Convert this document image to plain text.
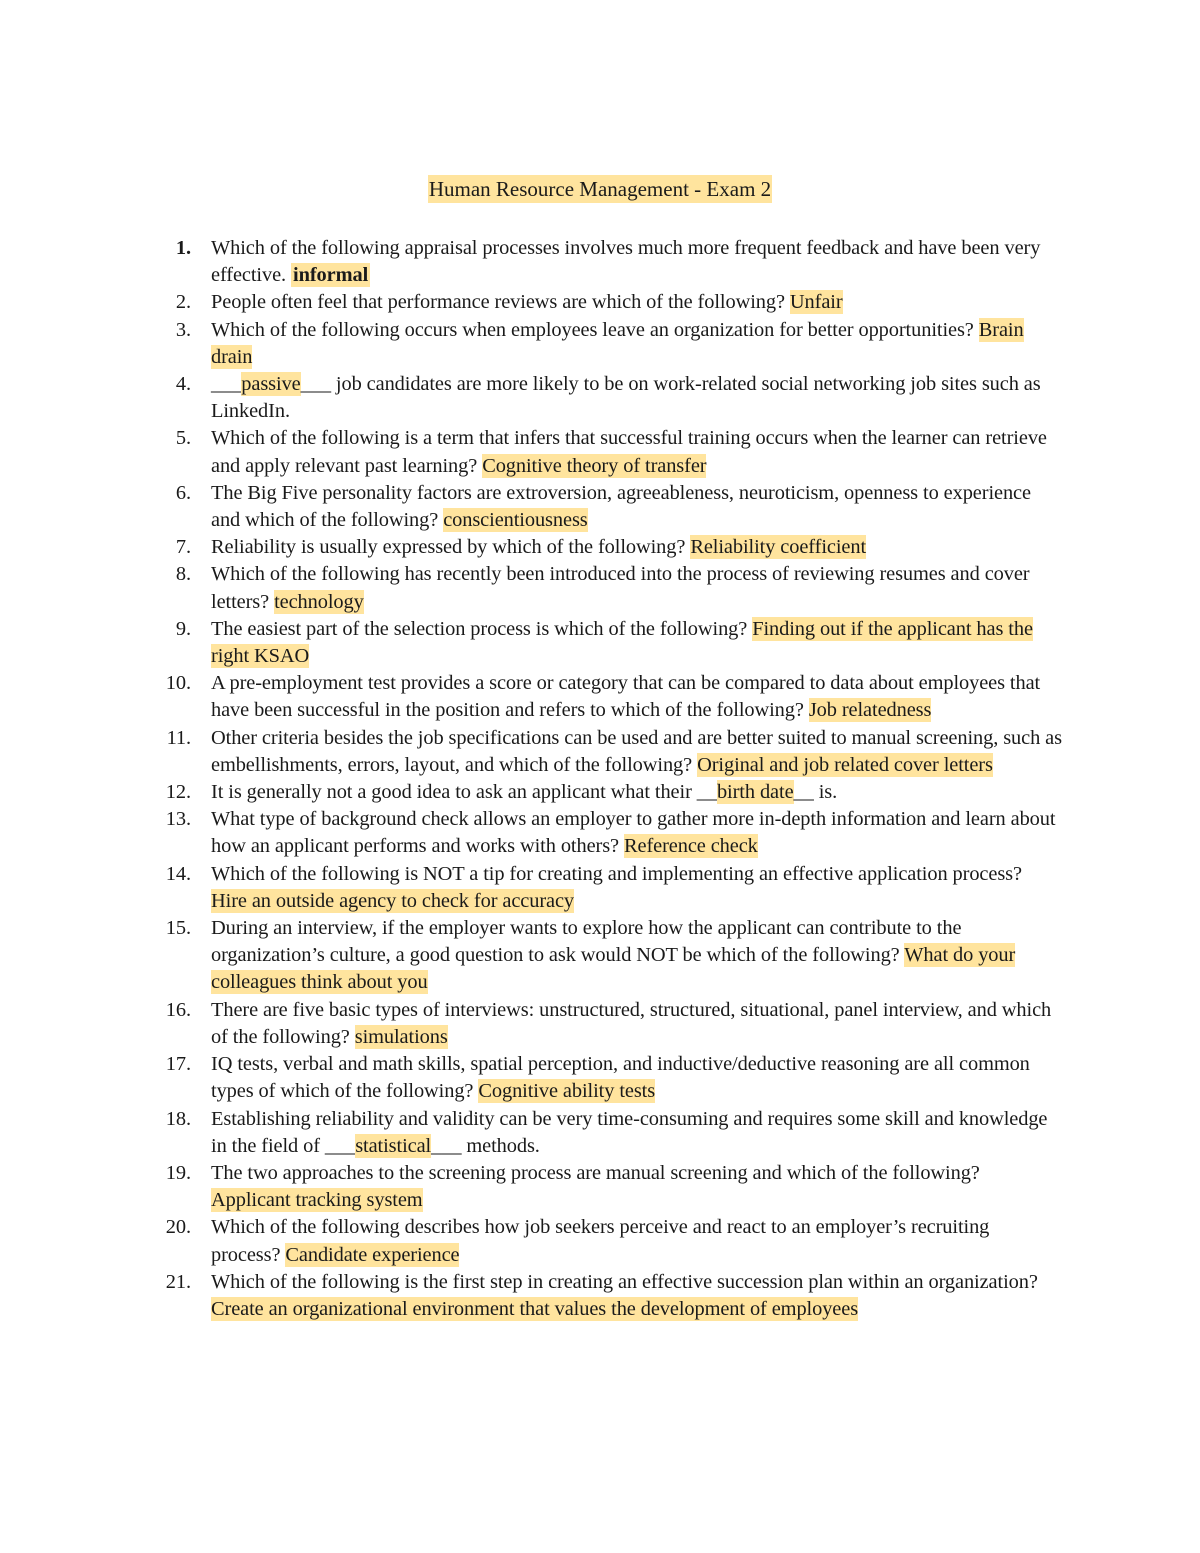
Human Resource Management - Exam 2
1. Which of the following appraisal processes involves much more frequent feedback and have been very effective. informal
2. People often feel that performance reviews are which of the following? Unfair
3. Which of the following occurs when employees leave an organization for better opportunities? Brain drain
4. ___passive___ job candidates are more likely to be on work-related social networking job sites such as LinkedIn.
5. Which of the following is a term that infers that successful training occurs when the learner can retrieve and apply relevant past learning? Cognitive theory of transfer
6. The Big Five personality factors are extroversion, agreeableness, neuroticism, openness to experience and which of the following? conscientiousness
7. Reliability is usually expressed by which of the following? Reliability coefficient
8. Which of the following has recently been introduced into the process of reviewing resumes and cover letters? technology
9. The easiest part of the selection process is which of the following? Finding out if the applicant has the right KSAO
10. A pre-employment test provides a score or category that can be compared to data about employees that have been successful in the position and refers to which of the following? Job relatedness
11. Other criteria besides the job specifications can be used and are better suited to manual screening, such as embellishments, errors, layout, and which of the following? Original and job related cover letters
12. It is generally not a good idea to ask an applicant what their __birth date__ is.
13. What type of background check allows an employer to gather more in-depth information and learn about how an applicant performs and works with others? Reference check
14. Which of the following is NOT a tip for creating and implementing an effective application process? Hire an outside agency to check for accuracy
15. During an interview, if the employer wants to explore how the applicant can contribute to the organization’s culture, a good question to ask would NOT be which of the following? What do your colleagues think about you
16. There are five basic types of interviews: unstructured, structured, situational, panel interview, and which of the following? simulations
17. IQ tests, verbal and math skills, spatial perception, and inductive/deductive reasoning are all common types of which of the following? Cognitive ability tests
18. Establishing reliability and validity can be very time-consuming and requires some skill and knowledge in the field of ___statistical___ methods.
19. The two approaches to the screening process are manual screening and which of the following? Applicant tracking system
20. Which of the following describes how job seekers perceive and react to an employer’s recruiting process? Candidate experience
21. Which of the following is the first step in creating an effective succession plan within an organization? Create an organizational environment that values the development of employees
